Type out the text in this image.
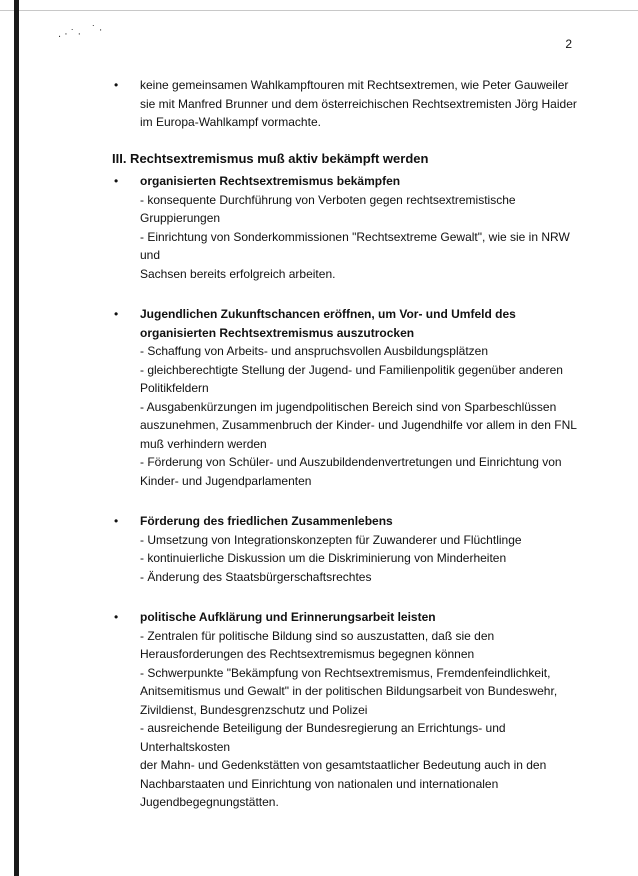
. · ˙ · ˙ ·
2
• keine gemeinsamen Wahlkampftouren mit Rechtsextremen, wie Peter Gauweiler sie mit Manfred Brunner und dem österreichischen Rechtsextremisten Jörg Haider im Europa-Wahlkampf vormachte.
III. Rechtsextremismus muß aktiv bekämpft werden
• organisierten Rechtsextremismus bekämpfen
- konsequente Durchführung von Verboten gegen rechtsextremistische Gruppierungen
- Einrichtung von Sonderkommissionen "Rechtsextreme Gewalt", wie sie in NRW und
Sachsen bereits erfolgreich arbeiten.
• Jugendlichen Zukunftschancen eröffnen, um Vor- und Umfeld des organisierten Rechtsextremismus auszutrocken
- Schaffung von Arbeits- und anspruchsvollen Ausbildungsplätzen
- gleichberechtigte Stellung der Jugend- und Familienpolitik gegenüber anderen
Politikfeldern
- Ausgabenkürzungen im jugendpolitischen Bereich sind von Sparbeschlüssen
auszunehmen, Zusammenbruch der Kinder- und Jugendhilfe vor allem in den FNL
muß verhindern werden
- Förderung von Schüler- und Auszubildendenvertretungen und Einrichtung von
Kinder- und Jugendparlamenten
• Förderung des friedlichen Zusammenlebens
- Umsetzung von Integrationskonzepten für Zuwanderer und Flüchtlinge
- kontinuierliche Diskussion um die Diskriminierung von Minderheiten
- Änderung des Staatsbürgerschaftsrechtes
• politische Aufklärung und Erinnerungsarbeit leisten
- Zentralen für politische Bildung sind so auszustatten, daß sie den
Herausforderungen des Rechtsextremismus begegnen können
- Schwerpunkte "Bekämpfung von Rechtsextremismus, Fremdenfeindlichkeit,
Anitsemitismus und Gewalt" in der politischen Bildungsarbeit von Bundeswehr,
Zivildienst, Bundesgrenzschutz und Polizei
- ausreichende Beteiligung der Bundesregierung an Errichtungs- und Unterhaltskosten
der Mahn- und Gedenkstätten von gesamtstaatlicher Bedeutung auch in den
Nachbarstaaten und Einrichtung von nationalen und internationalen
Jugendbegegnungstätten.
